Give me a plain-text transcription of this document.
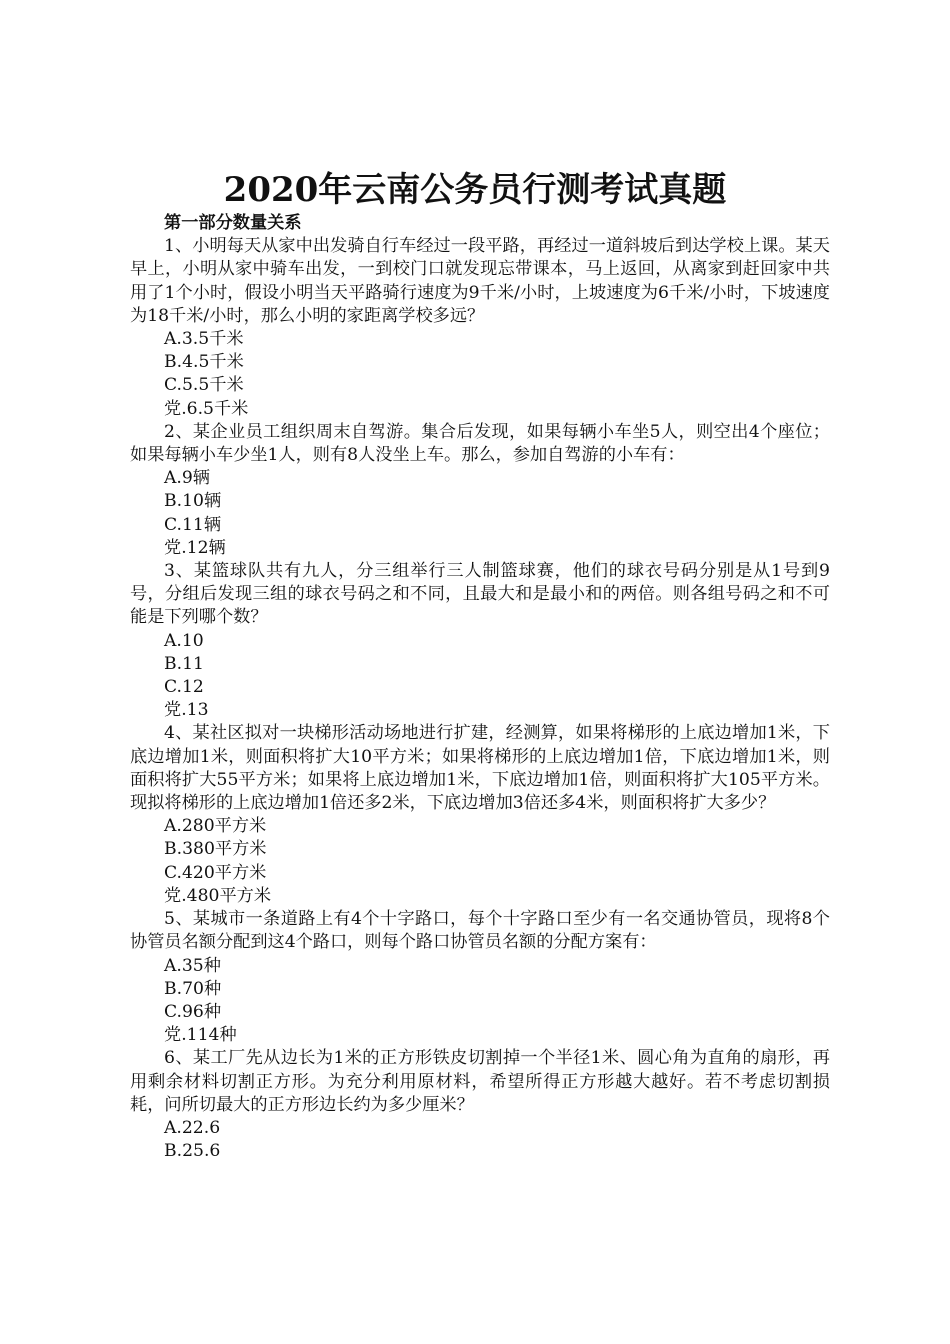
2020年云南公务员行测考试真题
第一部分数量关系
1、小明每天从家中出发骑自行车经过一段平路，再经过一道斜坡后到达学校上课。某天早上，小明从家中骑车出发，一到校门口就发现忘带课本，马上返回，从离家到赶回家中共用了1个小时，假设小明当天平路骑行速度为9千米/小时，上坡速度为6千米/小时，下坡速度为18千米/小时，那么小明的家距离学校多远？
A.3.5千米
B.4.5千米
C.5.5千米
党.6.5千米
2、某企业员工组织周末自驾游。集合后发现，如果每辆小车坐5人，则空出4个座位；如果每辆小车少坐1人，则有8人没坐上车。那么，参加自驾游的小车有：
A.9辆
B.10辆
C.11辆
党.12辆
3、某篮球队共有九人，分三组举行三人制篮球赛，他们的球衣号码分别是从1号到9号，分组后发现三组的球衣号码之和不同，且最大和是最小和的两倍。则各组号码之和不可能是下列哪个数？
A.10
B.11
C.12
党.13
4、某社区拟对一块梯形活动场地进行扩建，经测算，如果将梯形的上底边增加1米，下底边增加1米，则面积将扩大10平方米；如果将梯形的上底边增加1倍，下底边增加1米，则面积将扩大55平方米；如果将上底边增加1米，下底边增加1倍，则面积将扩大105平方米。现拟将梯形的上底边增加1倍还多2米，下底边增加3倍还多4米，则面积将扩大多少？
A.280平方米
B.380平方米
C.420平方米
党.480平方米
5、某城市一条道路上有4个十字路口，每个十字路口至少有一名交通协管员，现将8个协管员名额分配到这4个路口，则每个路口协管员名额的分配方案有：
A.35种
B.70种
C.96种
党.114种
6、某工厂先从边长为1米的正方形铁皮切割掉一个半径1米、圆心角为直角的扇形，再用剩余材料切割正方形。为充分利用原材料，希望所得正方形越大越好。若不考虑切割损耗，问所切最大的正方形边长约为多少厘米？
A.22.6
B.25.6
